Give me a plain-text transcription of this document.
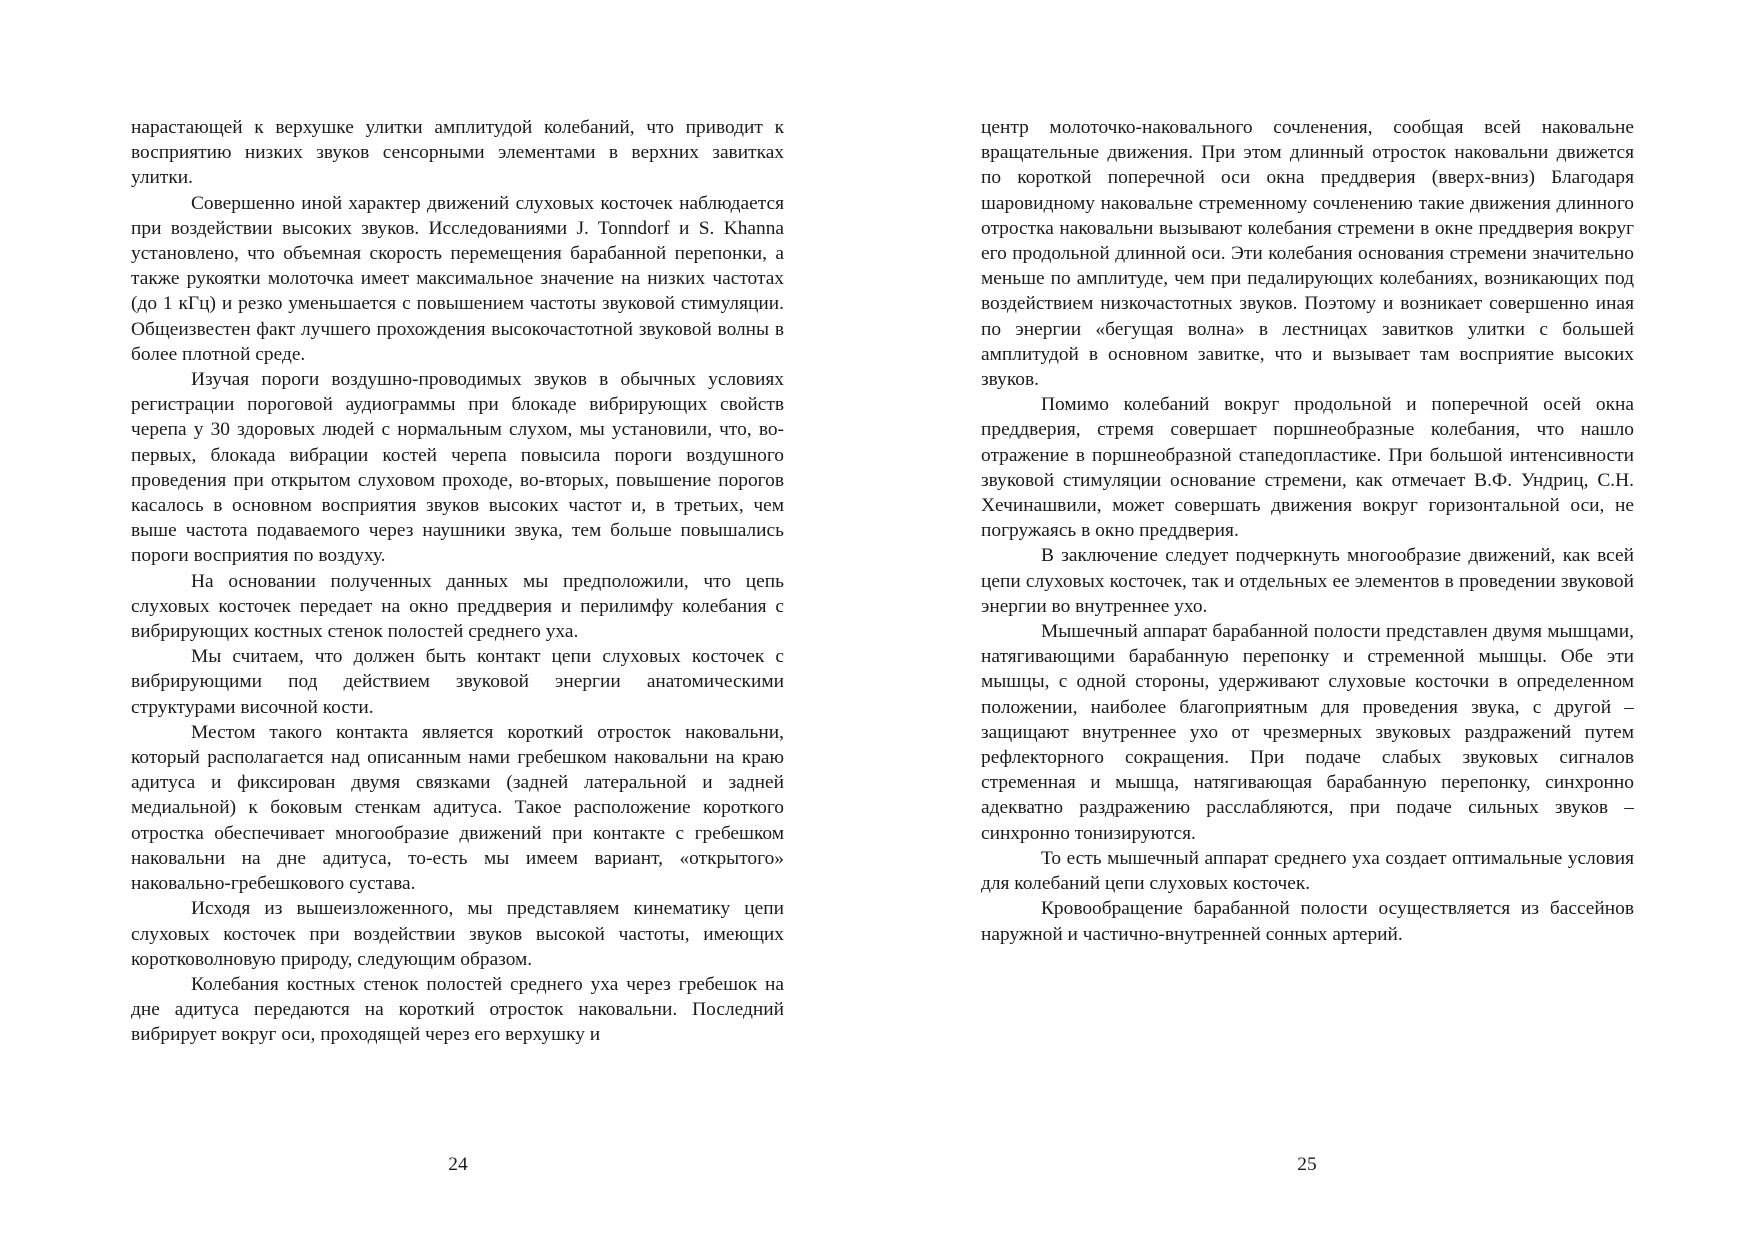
нарастающей к верхушке улитки амплитудой колебаний, что приводит к восприятию низких звуков сенсорными элементами в верхних завитках улитки.

Совершенно иной характер движений слуховых косточек наблюдается при воздействии высоких звуков. Исследованиями J. Tonndorf и S. Khanna установлено, что объемная скорость перемещения барабанной перепонки, а также рукоятки молоточка имеет максимальное значение на низких частотах (до 1 кГц) и резко уменьшается с повышением частоты звуковой стимуляции. Общеизвестен факт лучшего прохождения высокочастотной звуковой волны в более плотной среде.

Изучая пороги воздушно-проводимых звуков в обычных условиях регистрации пороговой аудиограммы при блокаде вибрирующих свойств черепа у 30 здоровых людей с нормальным слухом, мы установили, что, во-первых, блокада вибрации костей черепа повысила пороги воздушного проведения при открытом слуховом проходе, во-вторых, повышение порогов касалось в основном восприятия звуков высоких частот и, в третьих, чем выше частота подаваемого через наушники звука, тем больше повышались пороги восприятия по воздуху.

На основании полученных данных мы предположили, что цепь слуховых косточек передает на окно преддверия и перилимфу колебания с вибрирующих костных стенок полостей среднего уха.

Мы считаем, что должен быть контакт цепи слуховых косточек с вибрирующими под действием звуковой энергии анатомическими структурами височной кости.

Местом такого контакта является короткий отросток наковальни, который располагается над описанным нами гребешком наковальни на краю адитуса и фиксирован двумя связками (задней латеральной и задней медиальной) к боковым стенкам адитуса. Такое расположение короткого отростка обеспечивает многообразие движений при контакте с гребешком наковальни на дне адитуса, то-есть мы имеем вариант, «открытого» наковально-гребешкового сустава.

Исходя из вышеизложенного, мы представляем кинематику цепи слуховых косточек при воздействии звуков высокой частоты, имеющих коротковолновую природу, следующим образом.

Колебания костных стенок полостей среднего уха через гребешок на дне адитуса передаются на короткий отросток наковальни. Последний вибрирует вокруг оси, проходящей через его верхушку и

24

центр молоточко-наковального сочленения, сообщая всей наковальне вращательные движения. При этом длинный отросток наковальни движется по короткой поперечной оси окна преддверия (вверх-вниз) Благодаря шаровидному наковальне стременному сочленению такие движения длинного отростка наковальни вызывают колебания стремени в окне преддверия вокруг его продольной длинной оси. Эти колебания основания стремени значительно меньше по амплитуде, чем при педалирующих колебаниях, возникающих под воздействием низкочастотных звуков. Поэтому и возникает совершенно иная по энергии «бегущая волна» в лестницах завитков улитки с большей амплитудой в основном завитке, что и вызывает там восприятие высоких звуков.

Помимо колебаний вокруг продольной и поперечной осей окна преддверия, стремя совершает поршнеобразные колебания, что нашло отражение в поршнеобразной стапедопластике. При большой интенсивности звуковой стимуляции основание стремени, как отмечает В.Ф. Ундриц, С.Н. Хечинашвили, может совершать движения вокруг горизонтальной оси, не погружаясь в окно преддверия.

В заключение следует подчеркнуть многообразие движений, как всей цепи слуховых косточек, так и отдельных ее элементов в проведении звуковой энергии во внутреннее ухо.

Мышечный аппарат барабанной полости представлен двумя мышцами, натягивающими барабанную перепонку и стременной мышцы. Обе эти мышцы, с одной стороны, удерживают слуховые косточки в определенном положении, наиболее благоприятным для проведения звука, с другой – защищают внутреннее ухо от чрезмерных звуковых раздражений путем рефлекторного сокращения. При подаче слабых звуковых сигналов стременная и мышца, натягивающая барабанную перепонку, синхронно адекватно раздражению расслабляются, при подаче сильных звуков – синхронно тонизируются.

То есть мышечный аппарат среднего уха создает оптимальные условия для колебаний цепи слуховых косточек.

Кровообращение барабанной полости осуществляется из бассейнов наружной и частично-внутренней сонных артерий.

25
